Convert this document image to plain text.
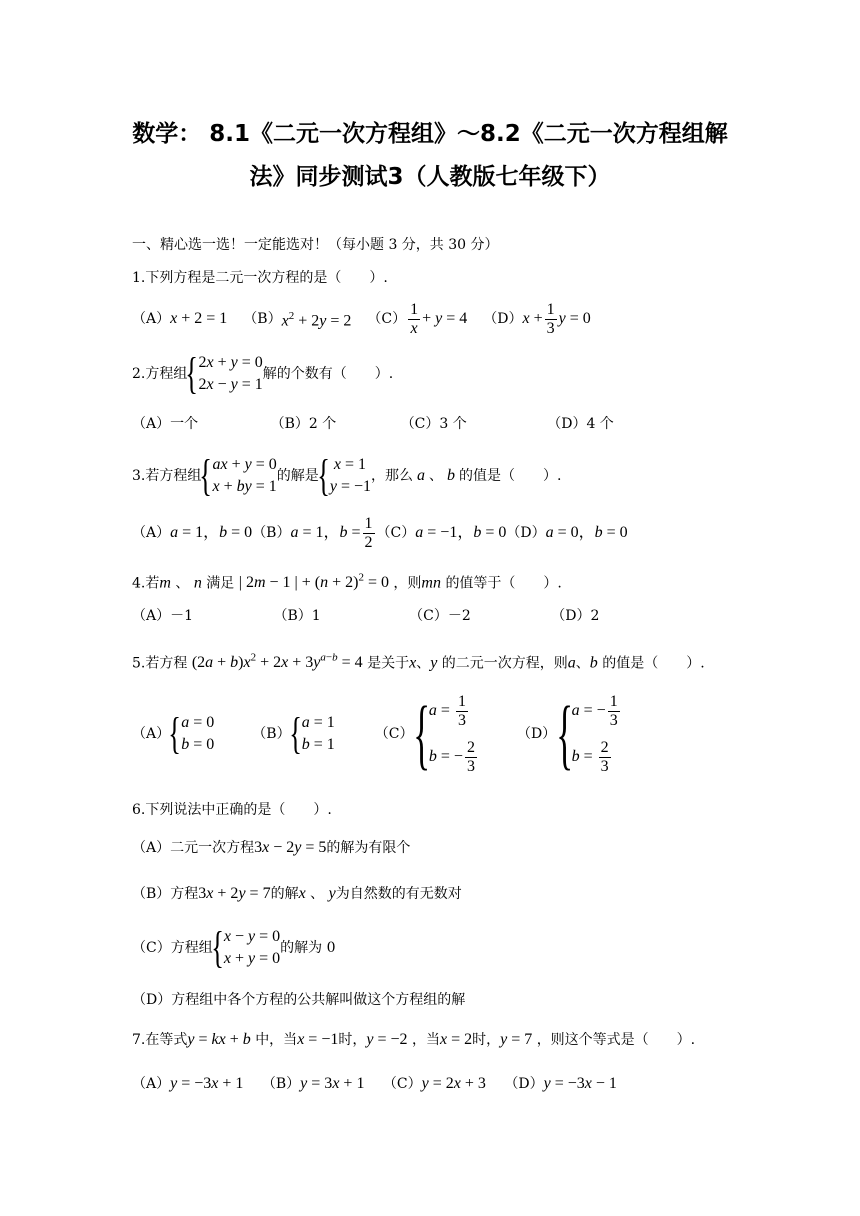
数学： 8.1《二元一次方程组》～8.2《二元一次方程组解
法》同步测试3（人教版七年级下）
一、精心选一选！一定能选对！（每小题 3 分，共 30 分）
1.下列方程是二元一次方程的是（　　）.
（A） x + 2 = 1 （B） $x^2 + 2y = 2$ $(C) \frac{1}{x} + y = 4$ （D） $x + \frac{1}{3}$ y = 0
2.方程组
{ 2x + y = 0
2x − y = 1
解的个数有（　　）.
（A）一个	（B）2 个	（C）3 个	（D）4 个
3.若方程组
{ ax + y = 0
x + by = 1
的解是
{ x = 1
y = −1
，那么 a 、 b 的值是（　　）.
（A） a = 1，b = 0 （B） a = 1，$b = \frac{1}{2} (C) a = -1$，b = 0 （D） a = 0，b = 0
4.若m 、 n 满足 | 2m − 1 | + $(n + 2)^2 = 0$ ，则mn 的值等于（　　）.
（A）－1	（B）1	（C）－2	（D）2
5.若方程 $(2a + b)x^2 + 2x + 3y^{a-b} = 4$ 是关于x、y 的二元一次方程，则a、b 的值是（　　）.
（A）
{ a = 0
b = 0
（B）
{ a = 1
b = 1
（C） {
$a = \frac{1}{3}$
b = − $\frac{2}{3}$
（D） {
a = − $\frac{1}{3}$
$b = \frac{2}{3}$
6.下列说法中正确的是（　　）.
（A）二元一次方程3x − 2y = 5的解为有限个
（B）方程3x + 2y = 7的解x 、 y为自然数的有无数对
（C）方程组
{ x − y = 0
x + y = 0
的解为 0
（D）方程组中各个方程的公共解叫做这个方程组的解
7.在等式y = kx + b 中，当x = −1时，y = −2 ，当x = 2时，y = 7 ，则这个等式是（　　）.
（A）y = −3x + 1 （B）y = 3x + 1 （C）y = 2x + 3 （D）y = −3x − 1
